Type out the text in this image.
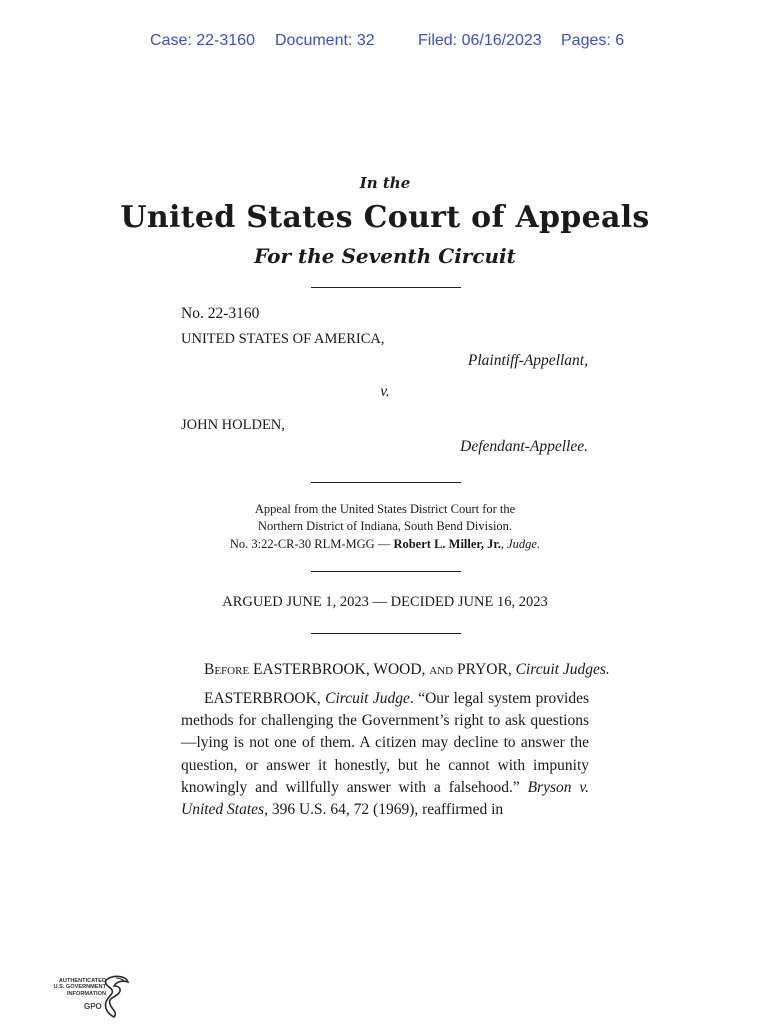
Case: 22-3160 Document: 32	Filed: 06/16/2023 Pages: 6
In the
United States Court of Appeals
For the Seventh Circuit
No. 22-3160
UNITED STATES OF AMERICA,
Plaintiff-Appellant,
v.
JOHN HOLDEN,
Defendant-Appellee.
Appeal from the United States District Court for the
Northern District of Indiana, South Bend Division.
No. 3:22-CR-30 RLM-MGG — Robert L. Miller, Jr., Judge.
ARGUED JUNE 1, 2023 — DECIDED JUNE 16, 2023
Before EASTERBROOK, WOOD, and PRYOR, Circuit Judges.

EASTERBROOK, Circuit Judge. “Our legal system provides methods for challenging the Government’s right to ask questions—lying is not one of them. A citizen may decline to answer the question, or answer it honestly, but he cannot with impunity knowingly and willfully answer with a falsehood.” Bryson v. United States, 396 U.S. 64, 72 (1969), reaffirmed in

AUTHENTICATED
U.S. GOVERNMENT
INFORMATION
GPO
